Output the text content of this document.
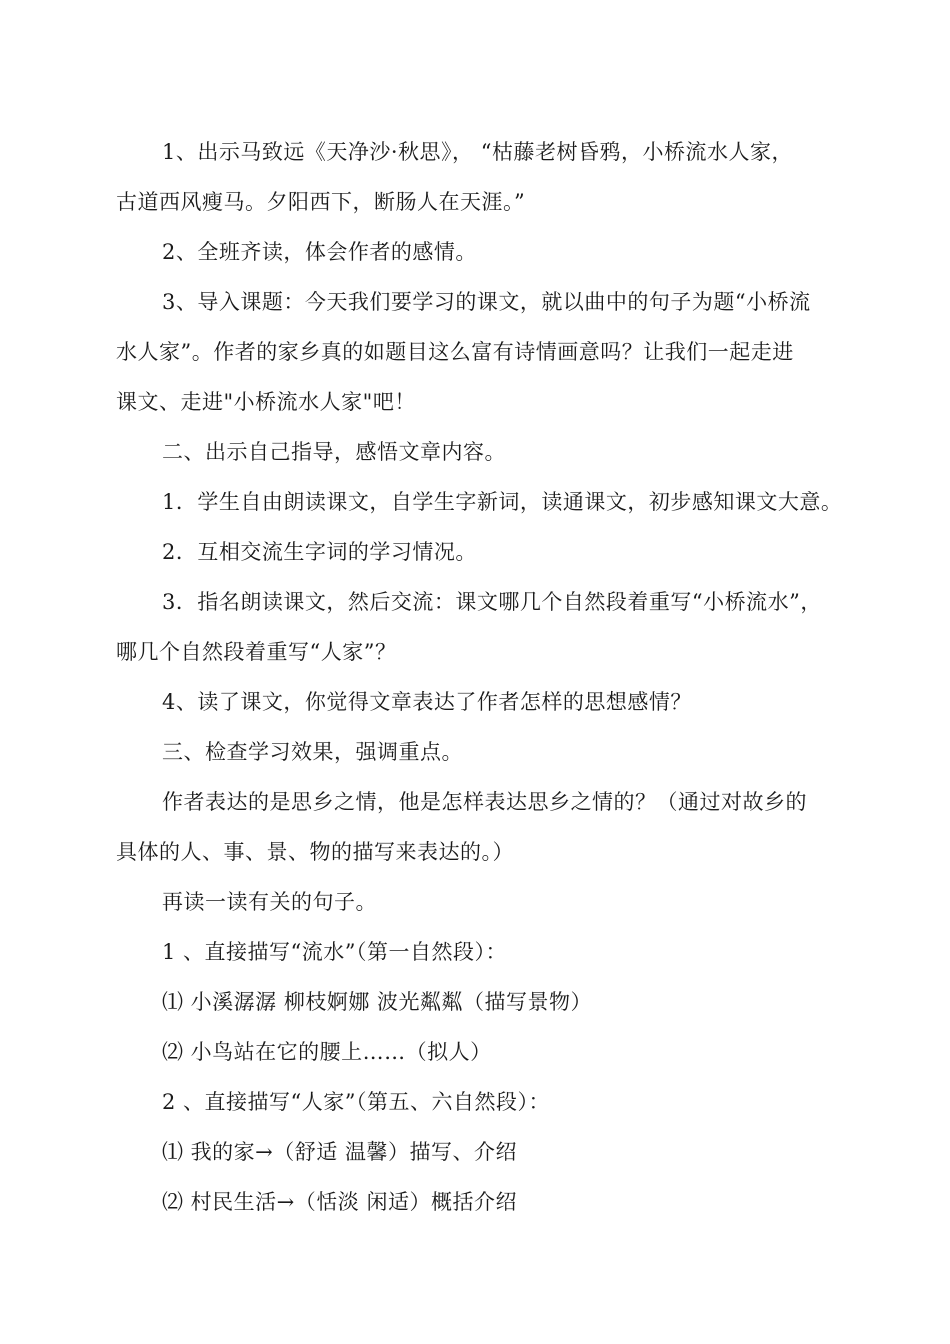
1、出示马致远《天净沙·秋思》， “枯藤老树昏鸦，小桥流水人家，
古道西风瘦马。夕阳西下，断肠人在天涯。”
2、全班齐读，体会作者的感情。
3、导入课题：今天我们要学习的课文，就以曲中的句子为题“小桥流
水人家”。作者的家乡真的如题目这么富有诗情画意吗？让我们一起走进
课文、走进"小桥流水人家"吧！
二、出示自己指导，感悟文章内容。
1．学生自由朗读课文，自学生字新词，读通课文，初步感知课文大意。
2．互相交流生字词的学习情况。
3．指名朗读课文，然后交流：课文哪几个自然段着重写“小桥流水”，
哪几个自然段着重写“人家”？
4、读了课文，你觉得文章表达了作者怎样的思想感情？
三、检查学习效果，强调重点。
作者表达的是思乡之情，他是怎样表达思乡之情的？（通过对故乡的
具体的人、事、景、物的描写来表达的。）
再读一读有关的句子。
1 、直接描写“流水”（第一自然段）：
⑴ 小溪潺潺 柳枝婀娜 波光粼粼（描写景物）
⑵ 小鸟站在它的腰上……（拟人）
2 、直接描写“人家”（第五、六自然段）：
⑴ 我的家→（舒适 温馨）描写、介绍
⑵ 村民生活→（恬淡 闲适）概括介绍
